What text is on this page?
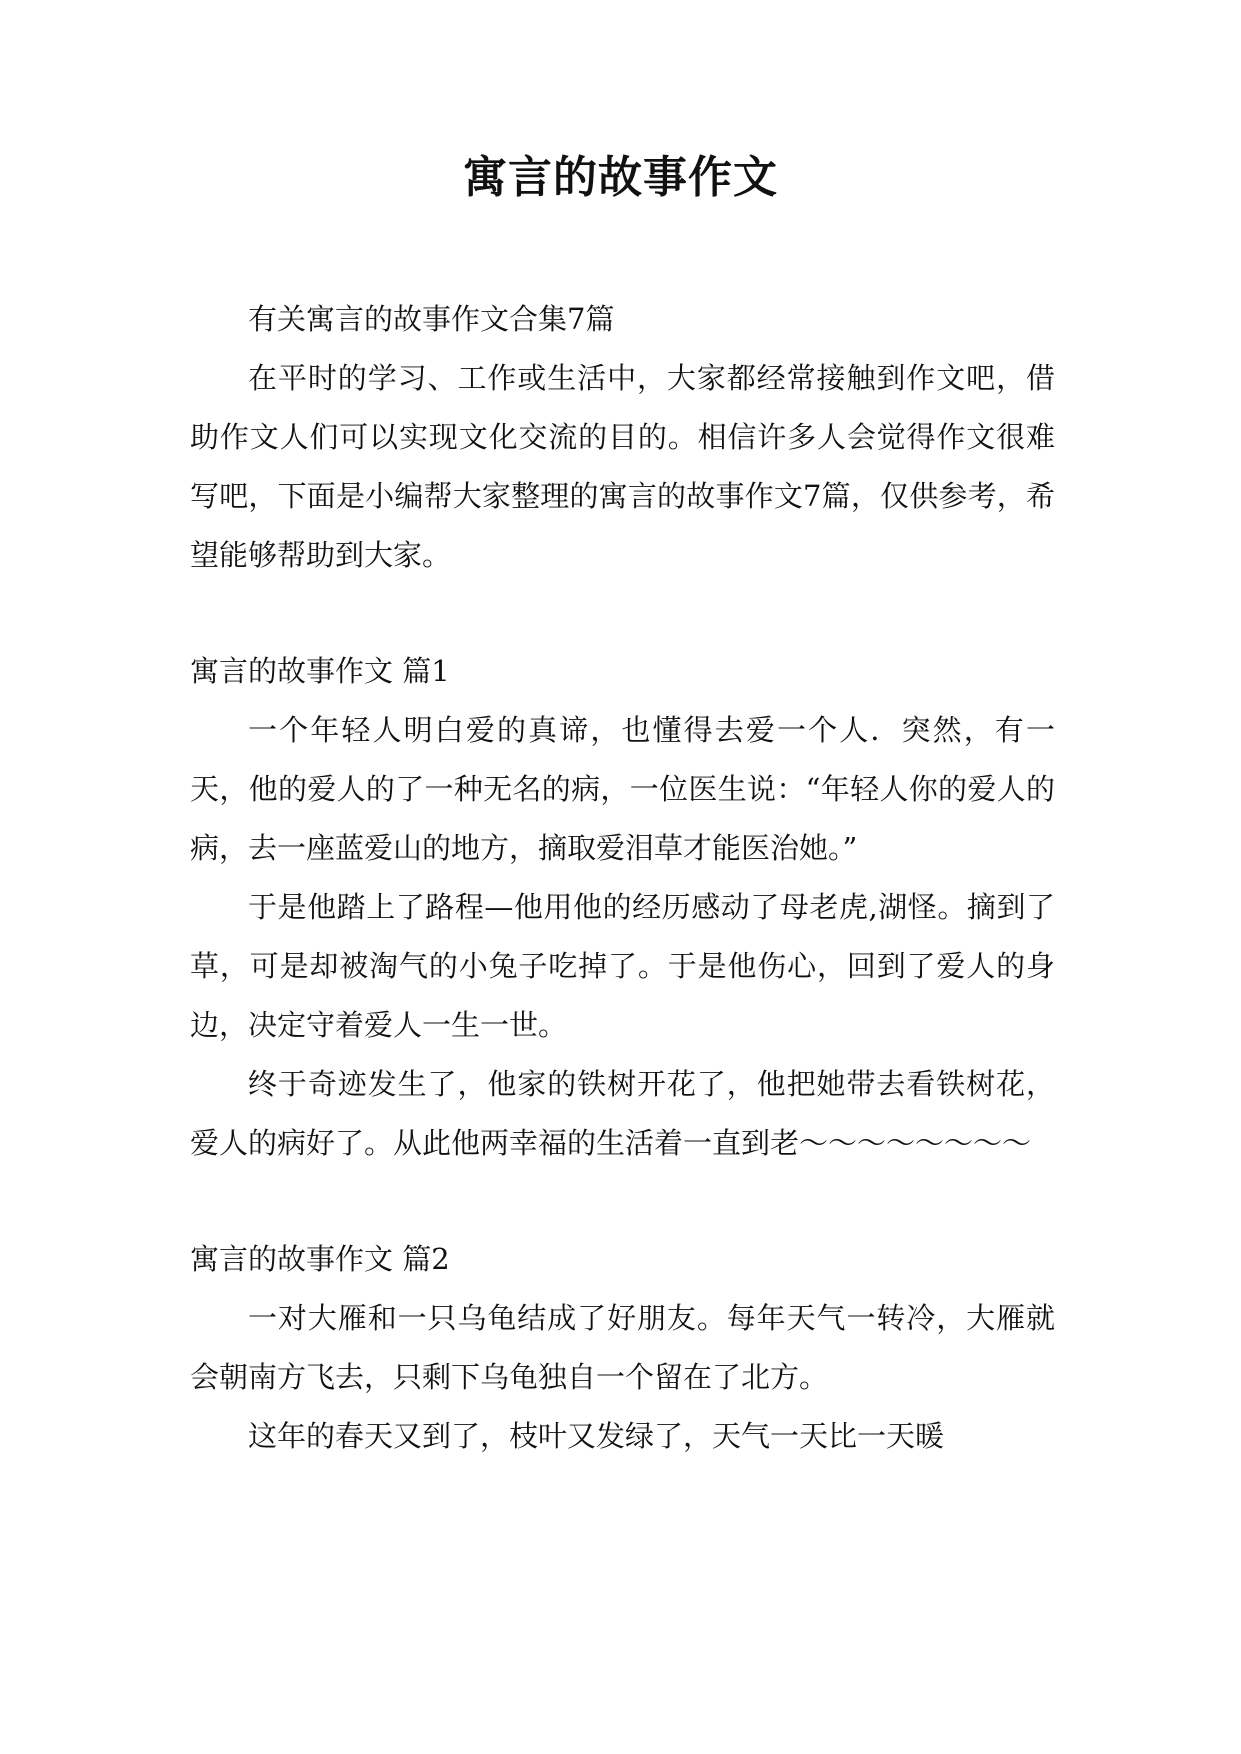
寓言的故事作文

有关寓言的故事作文合集7篇

在平时的学习、工作或生活中，大家都经常接触到作文吧，借助作文人们可以实现文化交流的目的。相信许多人会觉得作文很难写吧，下面是小编帮大家整理的寓言的故事作文7篇，仅供参考，希望能够帮助到大家。

寓言的故事作文 篇1

一个年轻人明白爱的真谛，也懂得去爱一个人．突然，有一天，他的爱人的了一种无名的病，一位医生说：“年轻人你的爱人的病，去一座蓝爱山的地方，摘取爱泪草才能医治她。”

于是他踏上了路程—他用他的经历感动了母老虎,湖怪。摘到了草，可是却被淘气的小兔子吃掉了。于是他伤心，回到了爱人的身边，决定守着爱人一生一世。

终于奇迹发生了，他家的铁树开花了，他把她带去看铁树花，爱人的病好了。从此他两幸福的生活着一直到老～～～～～～～～

寓言的故事作文 篇2

一对大雁和一只乌龟结成了好朋友。每年天气一转冷，大雁就会朝南方飞去，只剩下乌龟独自一个留在了北方。

这年的春天又到了，枝叶又发绿了，天气一天比一天暖
